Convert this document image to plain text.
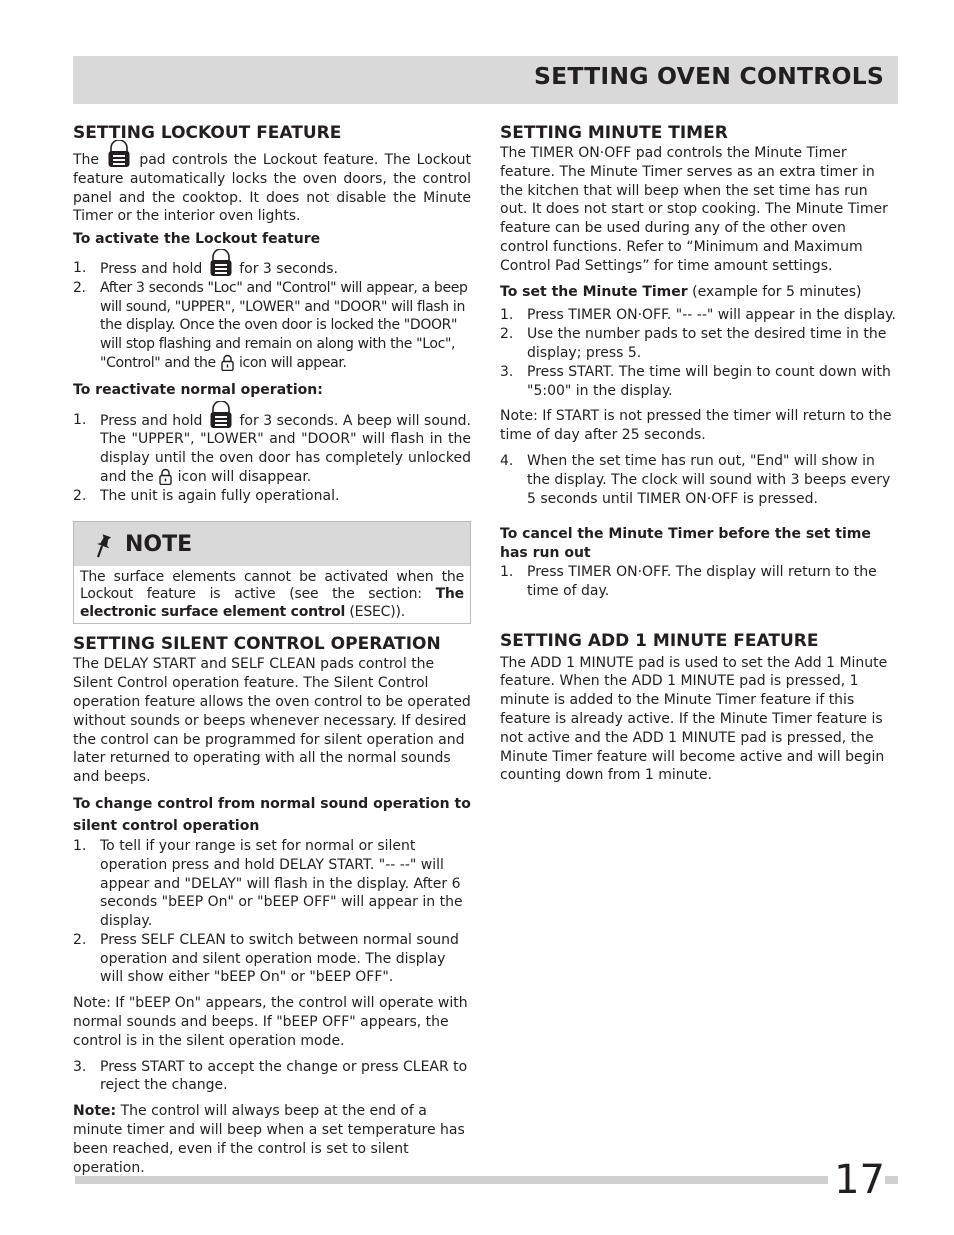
SETTING OVEN CONTROLS
SETTING LOCKOUT FEATURE

The	pad controls the Lockout feature. The Lockout feature automatically locks the oven doors, the control panel and the cooktop. It does not disable the Minute Timer or the interior oven lights.

To activate the Lockout feature

1. Press and hold	for 3 seconds.
2. After 3 seconds "Loc" and "Control" will appear, a beep will sound, "UPPER", "LOWER" and "DOOR" will flash in the display. Once the oven door is locked the "DOOR" will stop flashing and remain on along with the "Loc", "Control" and the icon will appear.

To reactivate normal operation:

1. Press and hold	for 3 seconds. A beep will sound. The "UPPER", "LOWER" and "DOOR" will flash in the display until the oven door has completely unlocked and the icon will disappear.
2. The unit is again fully operational.
NOTE

The surface elements cannot be activated when the Lockout feature is active (see the section: The electronic surface element control (ESEC)).

SETTING SILENT CONTROL OPERATION

The DELAY START and SELF CLEAN pads control the Silent Control operation feature. The Silent Control operation feature allows the oven control to be operated without sounds or beeps whenever necessary. If desired the control can be programmed for silent operation and later returned to operating with all the normal sounds and beeps.

To change control from normal sound operation to silent control operation

1. To tell if your range is set for normal or silent operation press and hold DELAY START. "-- --" will appear and "DELAY" will flash in the display. After 6 seconds "bEEP On" or "bEEP OFF" will appear in the display.
2. Press SELF CLEAN to switch between normal sound operation and silent operation mode. The display will show either "bEEP On" or "bEEP OFF".

Note: If "bEEP On" appears, the control will operate with normal sounds and beeps. If "bEEP OFF" appears, the control is in the silent operation mode.

3. Press START to accept the change or press CLEAR to reject the change.

Note: The control will always beep at the end of a minute timer and will beep when a set temperature has been reached, even if the control is set to silent operation.

SETTING MINUTE TIMER

The TIMER ON·OFF pad controls the Minute Timer feature. The Minute Timer serves as an extra timer in the kitchen that will beep when the set time has run out. It does not start or stop cooking. The Minute Timer feature can be used during any of the other oven control functions. Refer to “Minimum and Maximum Control Pad Settings” for time amount settings.

To set the Minute Timer (example for 5 minutes)

1. Press TIMER ON·OFF. "-- --" will appear in the display.
2. Use the number pads to set the desired time in the display; press 5.
3. Press START. The time will begin to count down with "5:00" in the display.

Note: If START is not pressed the timer will return to the time of day after 25 seconds.

4. When the set time has run out, "End" will show in the display. The clock will sound with 3 beeps every 5 seconds until TIMER ON·OFF is pressed.

To cancel the Minute Timer before the set time has run out

1. Press TIMER ON·OFF. The display will return to the time of day.
SETTING ADD 1 MINUTE FEATURE

The ADD 1 MINUTE pad is used to set the Add 1 Minute feature. When the ADD 1 MINUTE pad is pressed, 1 minute is added to the Minute Timer feature if this feature is already active. If the Minute Timer feature is not active and the ADD 1 MINUTE pad is pressed, the Minute Timer feature will become active and will begin counting down from 1 minute.

17
